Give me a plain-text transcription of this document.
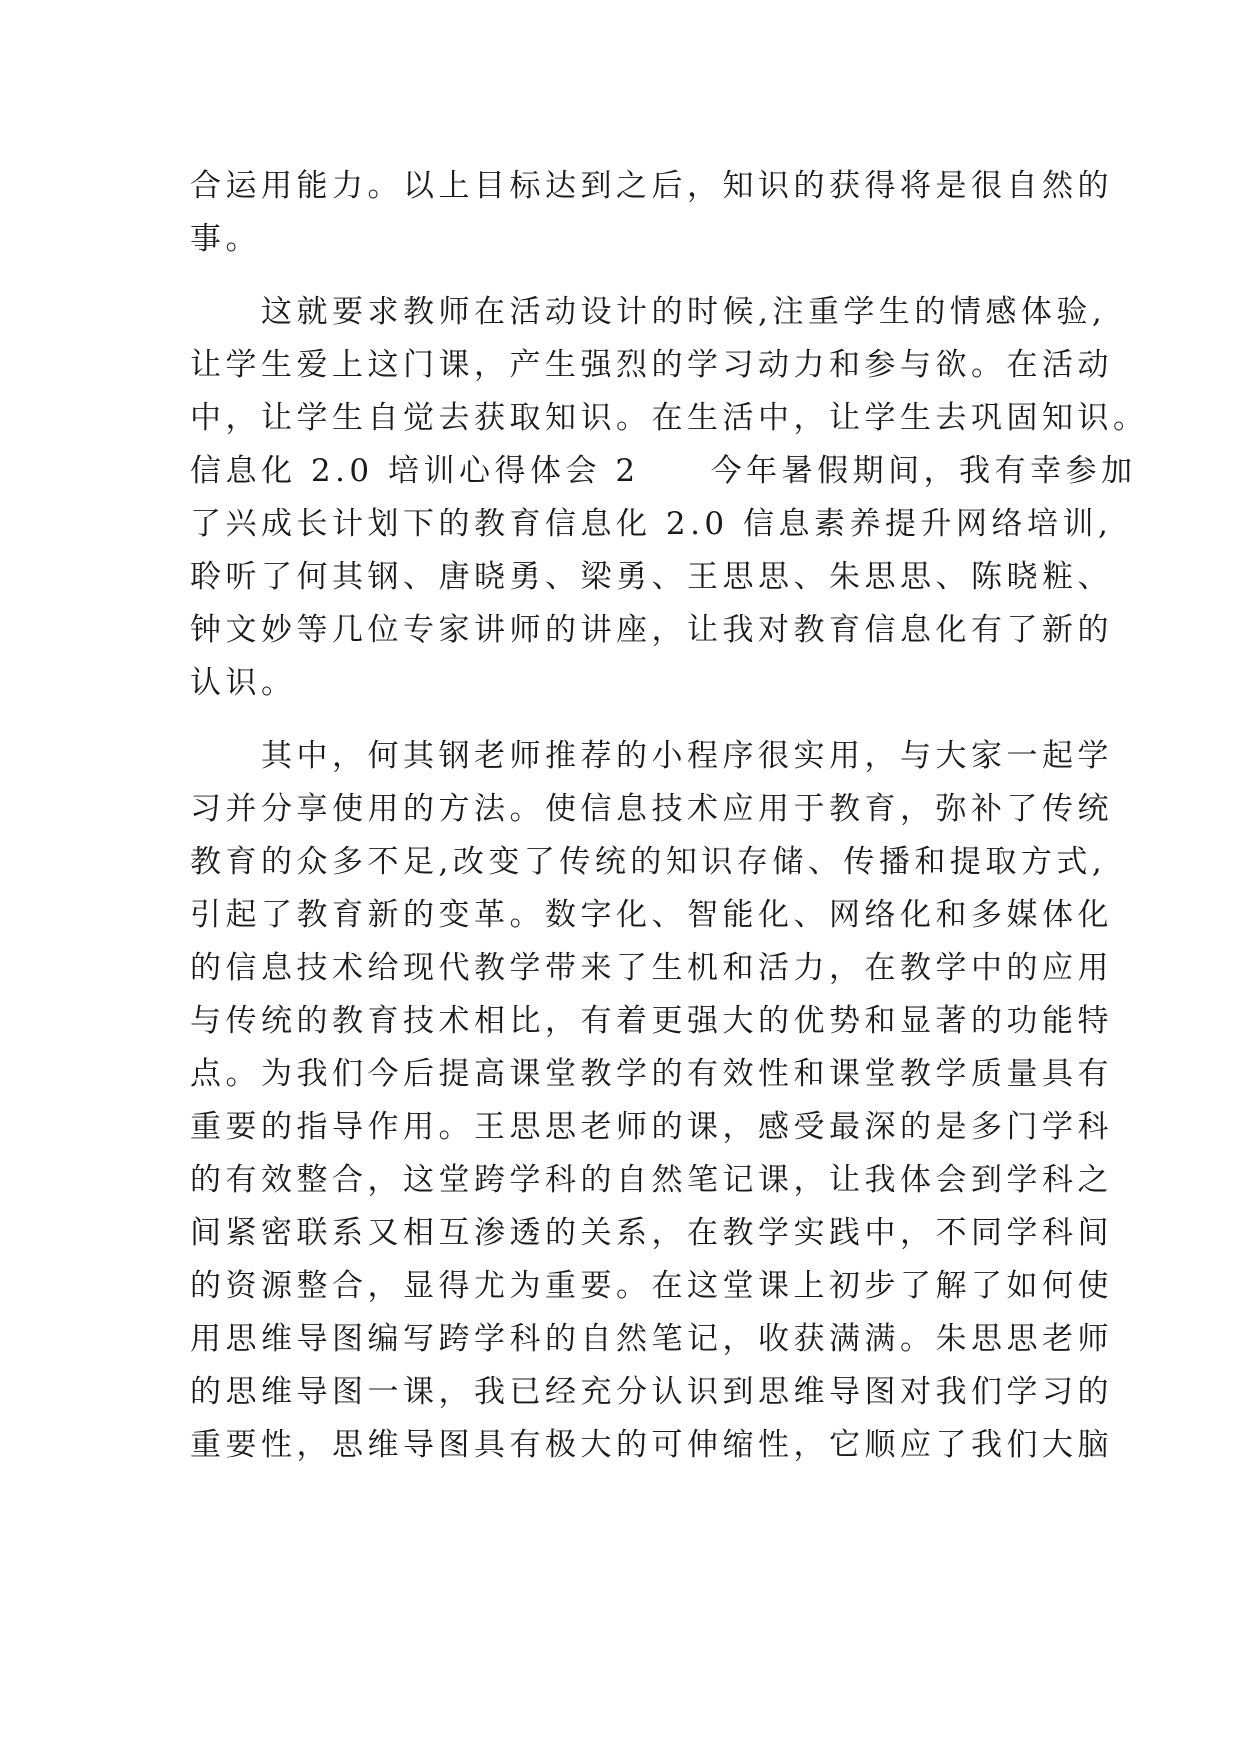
合运用能力。以上目标达到之后，知识的获得将是很自然的
事。
　　这就要求教师在活动设计的时候,注重学生的情感体验,
让学生爱上这门课，产生强烈的学习动力和参与欲。在活动
中，让学生自觉去获取知识。在生活中，让学生去巩固知识。
信息化 2.0 培训心得体会 2　　今年暑假期间，我有幸参加
了兴成长计划下的教育信息化 2.0 信息素养提升网络培训,
聆听了何其钢、唐晓勇、梁勇、王思思、朱思思、陈晓粧、
钟文妙等几位专家讲师的讲座，让我对教育信息化有了新的
认识。
　　其中，何其钢老师推荐的小程序很实用，与大家一起学
习并分享使用的方法。使信息技术应用于教育，弥补了传统
教育的众多不足,改变了传统的知识存储、传播和提取方式,
引起了教育新的变革。数字化、智能化、网络化和多媒体化
的信息技术给现代教学带来了生机和活力，在教学中的应用
与传统的教育技术相比，有着更强大的优势和显著的功能特
点。为我们今后提高课堂教学的有效性和课堂教学质量具有
重要的指导作用。王思思老师的课，感受最深的是多门学科
的有效整合，这堂跨学科的自然笔记课，让我体会到学科之
间紧密联系又相互渗透的关系，在教学实践中，不同学科间
的资源整合，显得尤为重要。在这堂课上初步了解了如何使
用思维导图编写跨学科的自然笔记，收获满满。朱思思老师
的思维导图一课，我已经充分认识到思维导图对我们学习的
重要性，思维导图具有极大的可伸缩性，它顺应了我们大脑
